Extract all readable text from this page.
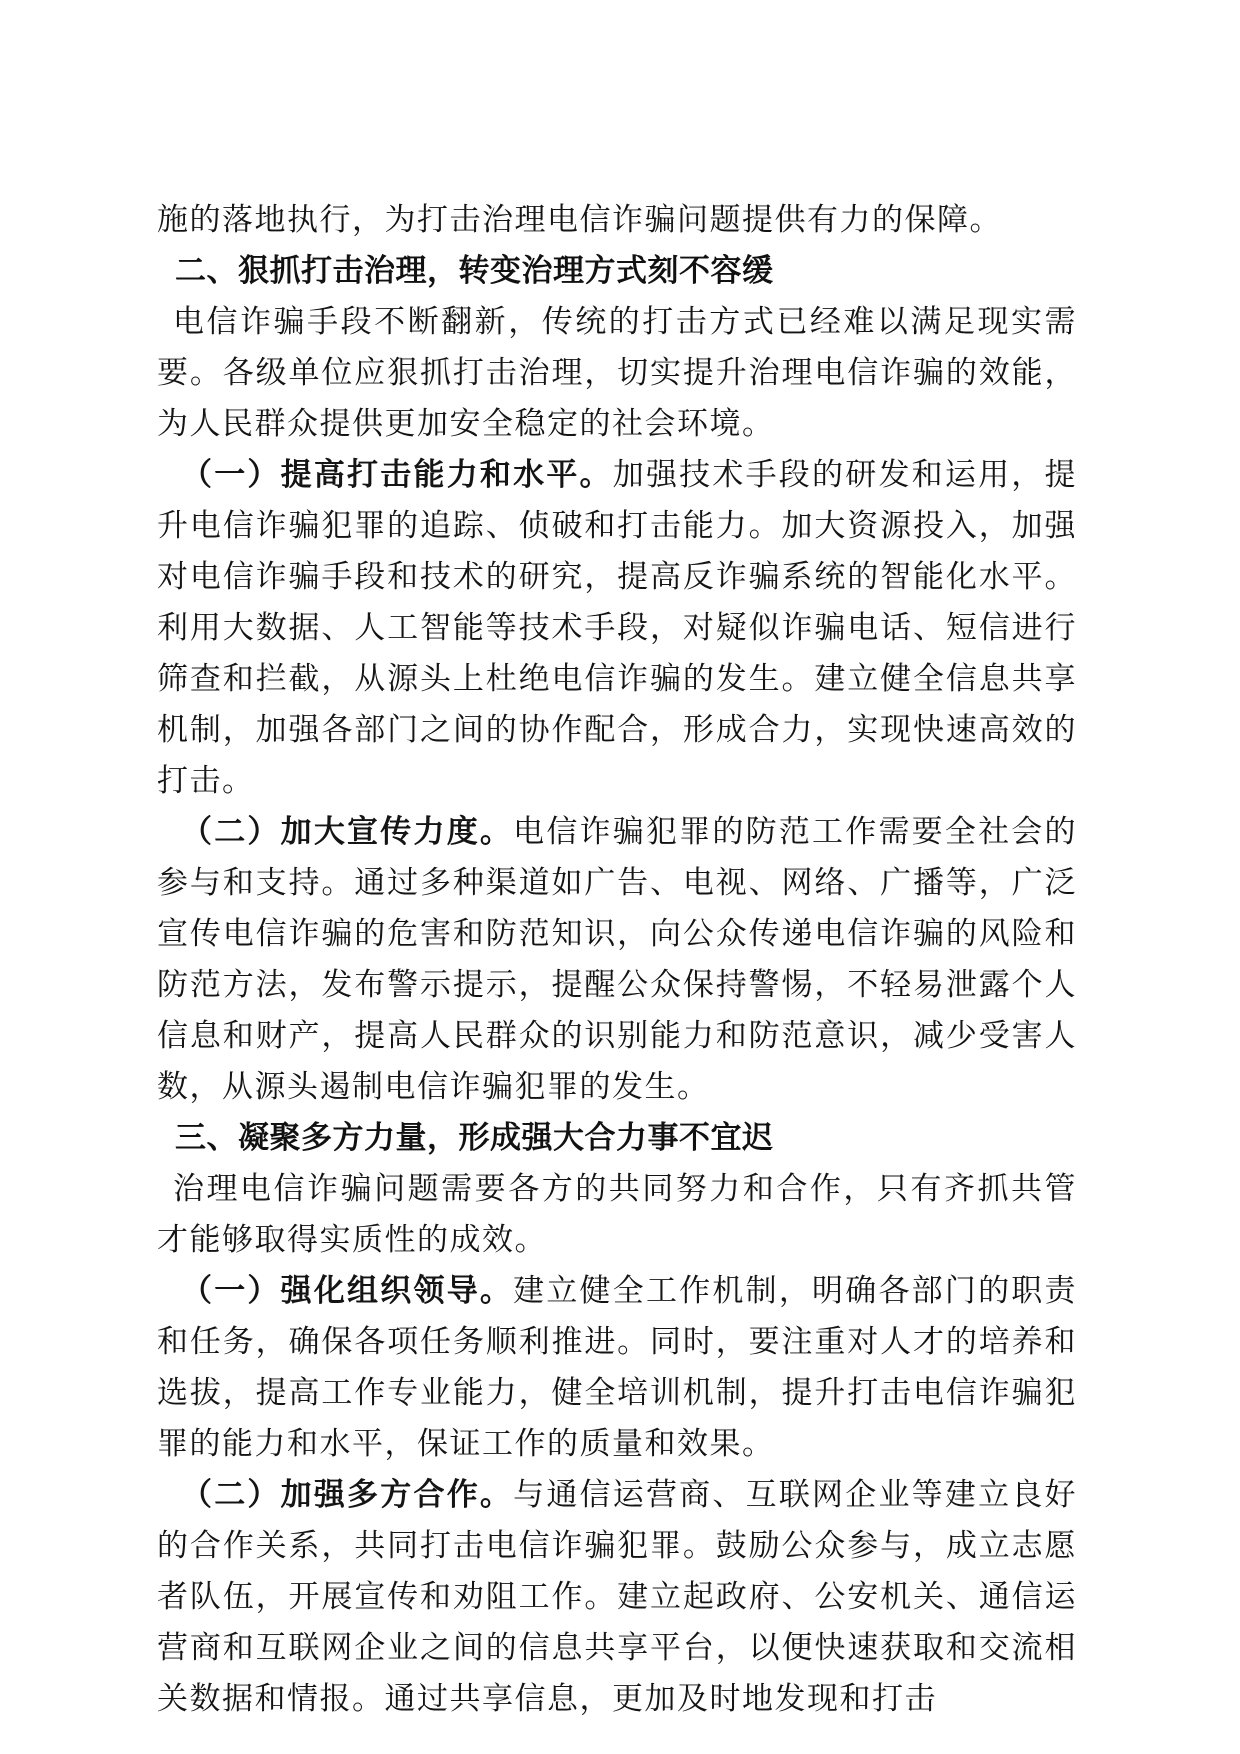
施的落地执行，为打击治理电信诈骗问题提供有力的保障。

二、狠抓打击治理，转变治理方式刻不容缓

电信诈骗手段不断翻新，传统的打击方式已经难以满足现实需要。各级单位应狠抓打击治理，切实提升治理电信诈骗的效能，为人民群众提供更加安全稳定的社会环境。

（一）提高打击能力和水平。加强技术手段的研发和运用，提升电信诈骗犯罪的追踪、侦破和打击能力。加大资源投入，加强对电信诈骗手段和技术的研究，提高反诈骗系统的智能化水平。利用大数据、人工智能等技术手段，对疑似诈骗电话、短信进行筛查和拦截，从源头上杜绝电信诈骗的发生。建立健全信息共享机制，加强各部门之间的协作配合，形成合力，实现快速高效的打击。

（二）加大宣传力度。电信诈骗犯罪的防范工作需要全社会的参与和支持。通过多种渠道如广告、电视、网络、广播等，广泛宣传电信诈骗的危害和防范知识，向公众传递电信诈骗的风险和防范方法，发布警示提示，提醒公众保持警惕，不轻易泄露个人信息和财产，提高人民群众的识别能力和防范意识，减少受害人数，从源头遏制电信诈骗犯罪的发生。

三、凝聚多方力量，形成强大合力事不宜迟

治理电信诈骗问题需要各方的共同努力和合作，只有齐抓共管才能够取得实质性的成效。

（一）强化组织领导。建立健全工作机制，明确各部门的职责和任务，确保各项任务顺利推进。同时，要注重对人才的培养和选拔，提高工作专业能力，健全培训机制，提升打击电信诈骗犯罪的能力和水平，保证工作的质量和效果。

（二）加强多方合作。与通信运营商、互联网企业等建立良好的合作关系，共同打击电信诈骗犯罪。鼓励公众参与，成立志愿者队伍，开展宣传和劝阻工作。建立起政府、公安机关、通信运营商和互联网企业之间的信息共享平台，以便快速获取和交流相关数据和情报。通过共享信息，更加及时地发现和打击
